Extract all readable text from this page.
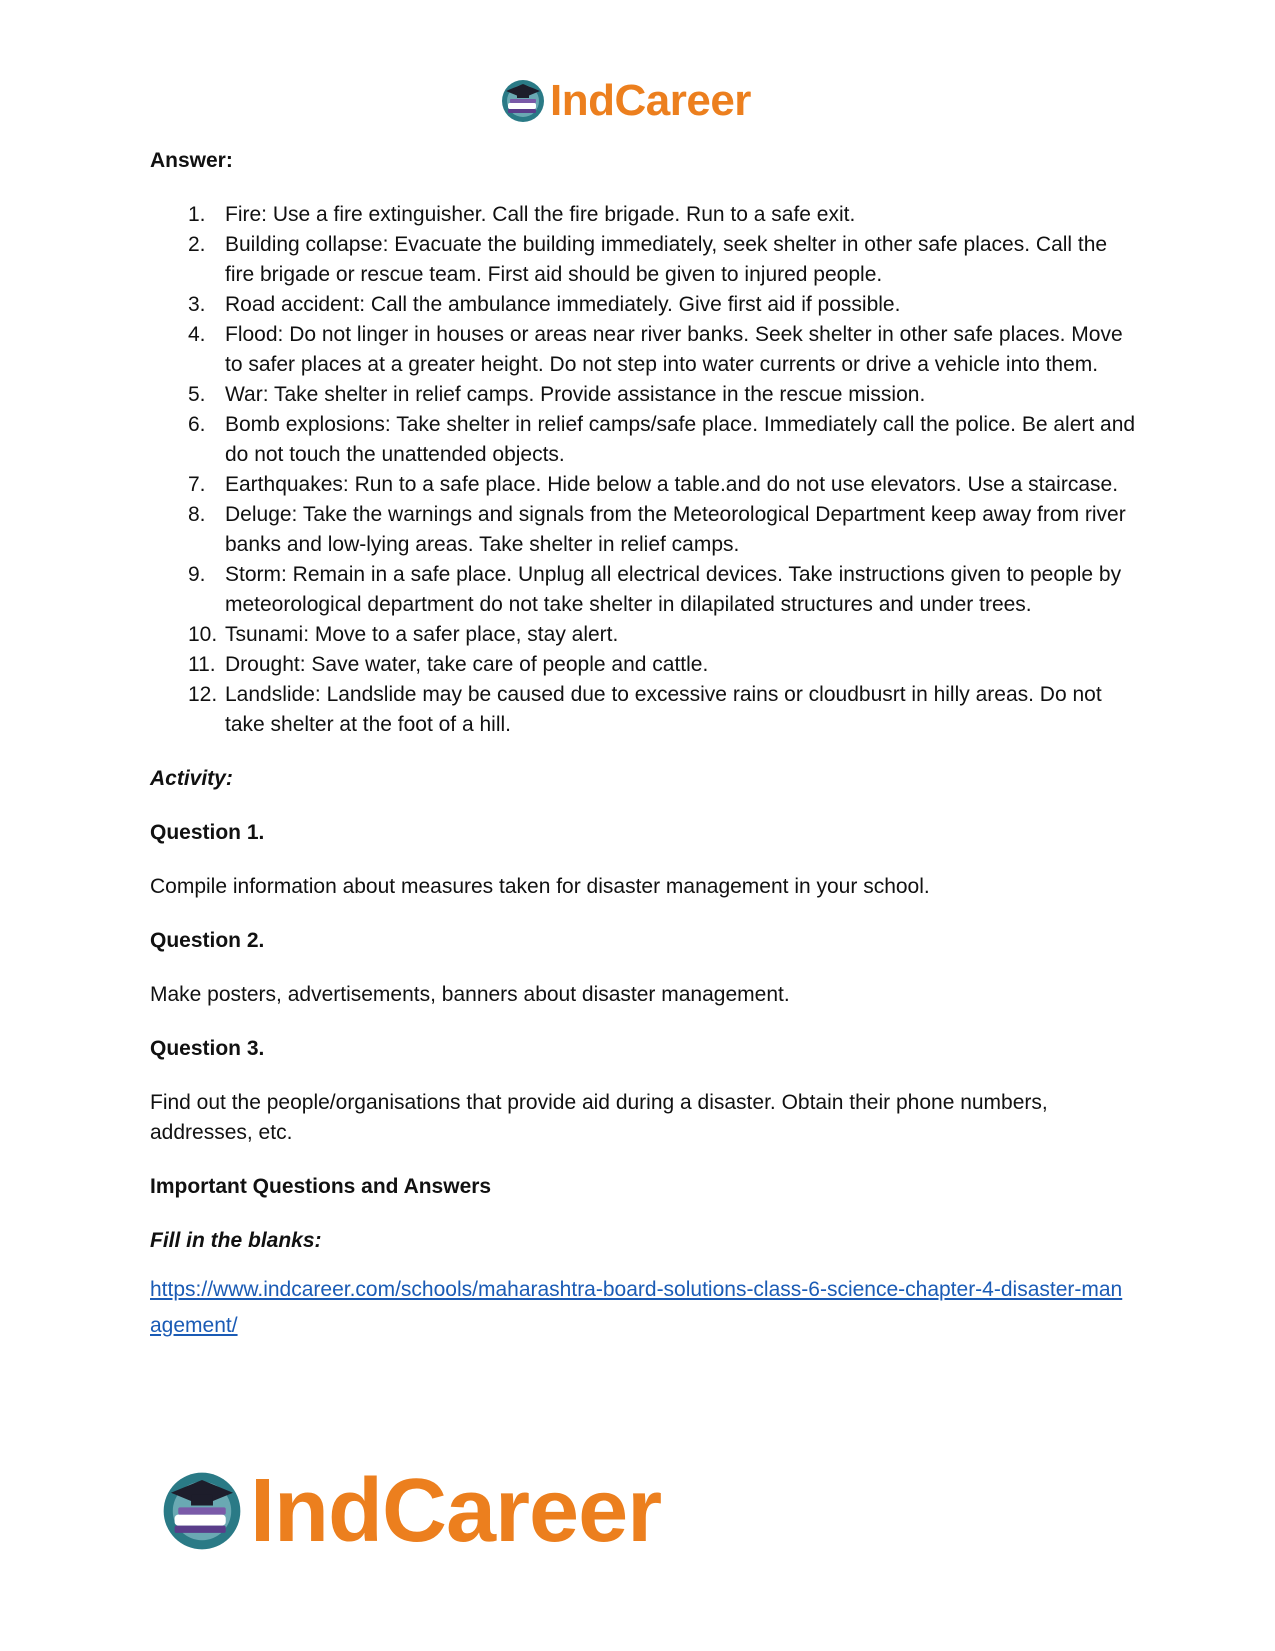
IndCareer

Answer:

1. Fire: Use a fire extinguisher. Call the fire brigade. Run to a safe exit.
2. Building collapse: Evacuate the building immediately, seek shelter in other safe places. Call the fire brigade or rescue team. First aid should be given to injured people.
3. Road accident: Call the ambulance immediately. Give first aid if possible.
4. Flood: Do not linger in houses or areas near river banks. Seek shelter in other safe places. Move to safer places at a greater height. Do not step into water currents or drive a vehicle into them.
5. War: Take shelter in relief camps. Provide assistance in the rescue mission.
6. Bomb explosions: Take shelter in relief camps/safe place. Immediately call the police. Be alert and do not touch the unattended objects.
7. Earthquakes: Run to a safe place. Hide below a table.and do not use elevators. Use a staircase.
8. Deluge: Take the warnings and signals from the Meteorological Department keep away from river banks and low-lying areas. Take shelter in relief camps.
9. Storm: Remain in a safe place. Unplug all electrical devices. Take instructions given to people by meteorological department do not take shelter in dilapilated structures and under trees.
10. Tsunami: Move to a safer place, stay alert.
11. Drought: Save water, take care of people and cattle.
12. Landslide: Landslide may be caused due to excessive rains or cloudbusrt in hilly areas. Do not take shelter at the foot of a hill.

Activity:

Question 1.

Compile information about measures taken for disaster management in your school.

Question 2.

Make posters, advertisements, banners about disaster management.

Question 3.

Find out the people/organisations that provide aid during a disaster. Obtain their phone numbers, addresses, etc.

Important Questions and Answers

Fill in the blanks:

https://www.indcareer.com/schools/maharashtra-board-solutions-class-6-science-chapter-4-disaster-management/
IndCareer
